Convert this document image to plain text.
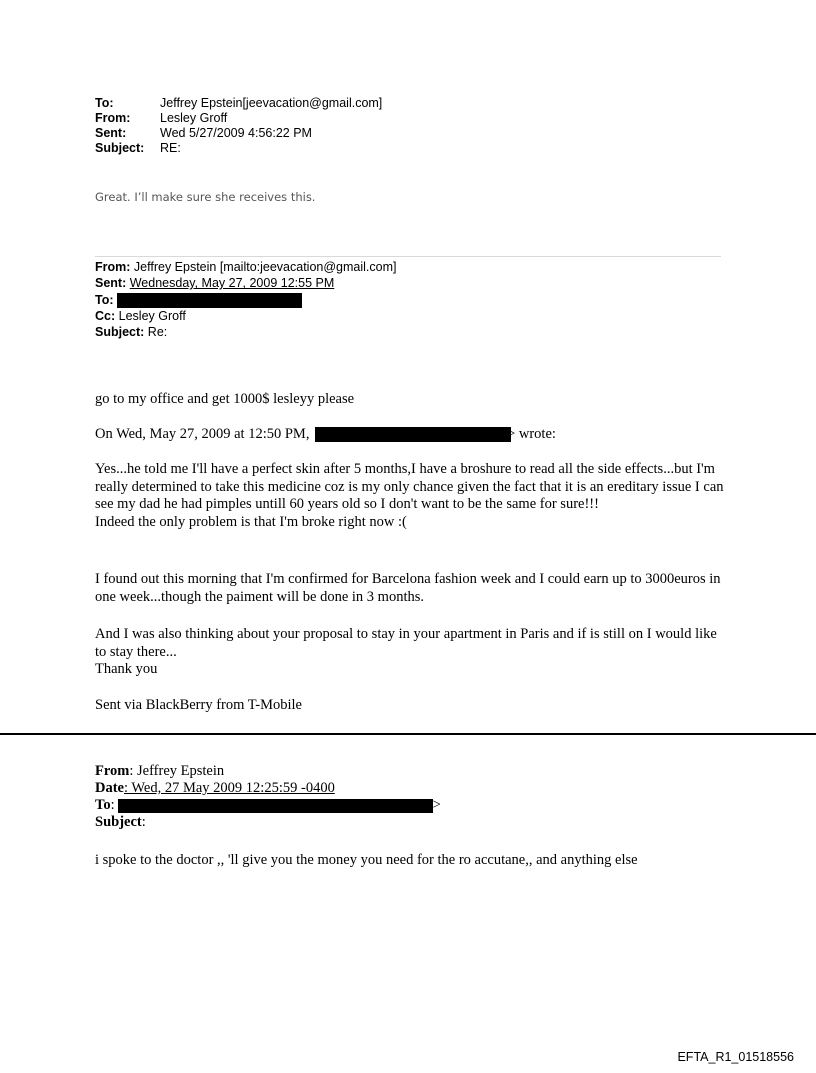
To:	Jeffrey Epstein[jeevacation@gmail.com]
From:	Lesley Groff
Sent:	Wed 5/27/2009 4:56:22 PM
Subject:	RE:
Great. I’ll make sure she receives this.
From: Jeffrey Epstein [mailto:jeevacation@gmail.com]
Sent: Wednesday, May 27, 2009 12:55 PM
To:
Cc: Lesley Groff
Subject: Re:
go to my office and get 1000$ lesleyy please
On Wed, May 27, 2009 at 12:50 PM,	> wrote:
Yes...he told me I'll have a perfect skin after 5 months,I have a broshure to read all the side effects...but I'm really determined to take this medicine coz is my only chance given the fact that it is an ereditary issue I can see my dad he had pimples untill 60 years old so I don't want to be the same for sure!!!
Indeed the only problem is that I'm broke right now :(
I found out this morning that I'm confirmed for Barcelona fashion week and I could earn up to 3000euros in one week...though the paiment will be done in 3 months.
And I was also thinking about your proposal to stay in your apartment in Paris and if is still on I would like to stay there...
Thank you
Sent via BlackBerry from T-Mobile
From: Jeffrey Epstein
Date: Wed, 27 May 2009 12:25:59 -0400
To:	>
Subject:
i spoke to the doctor ,, 'll give you the money you need for the ro accutane,, and anything else
EFTA_R1_01518556
